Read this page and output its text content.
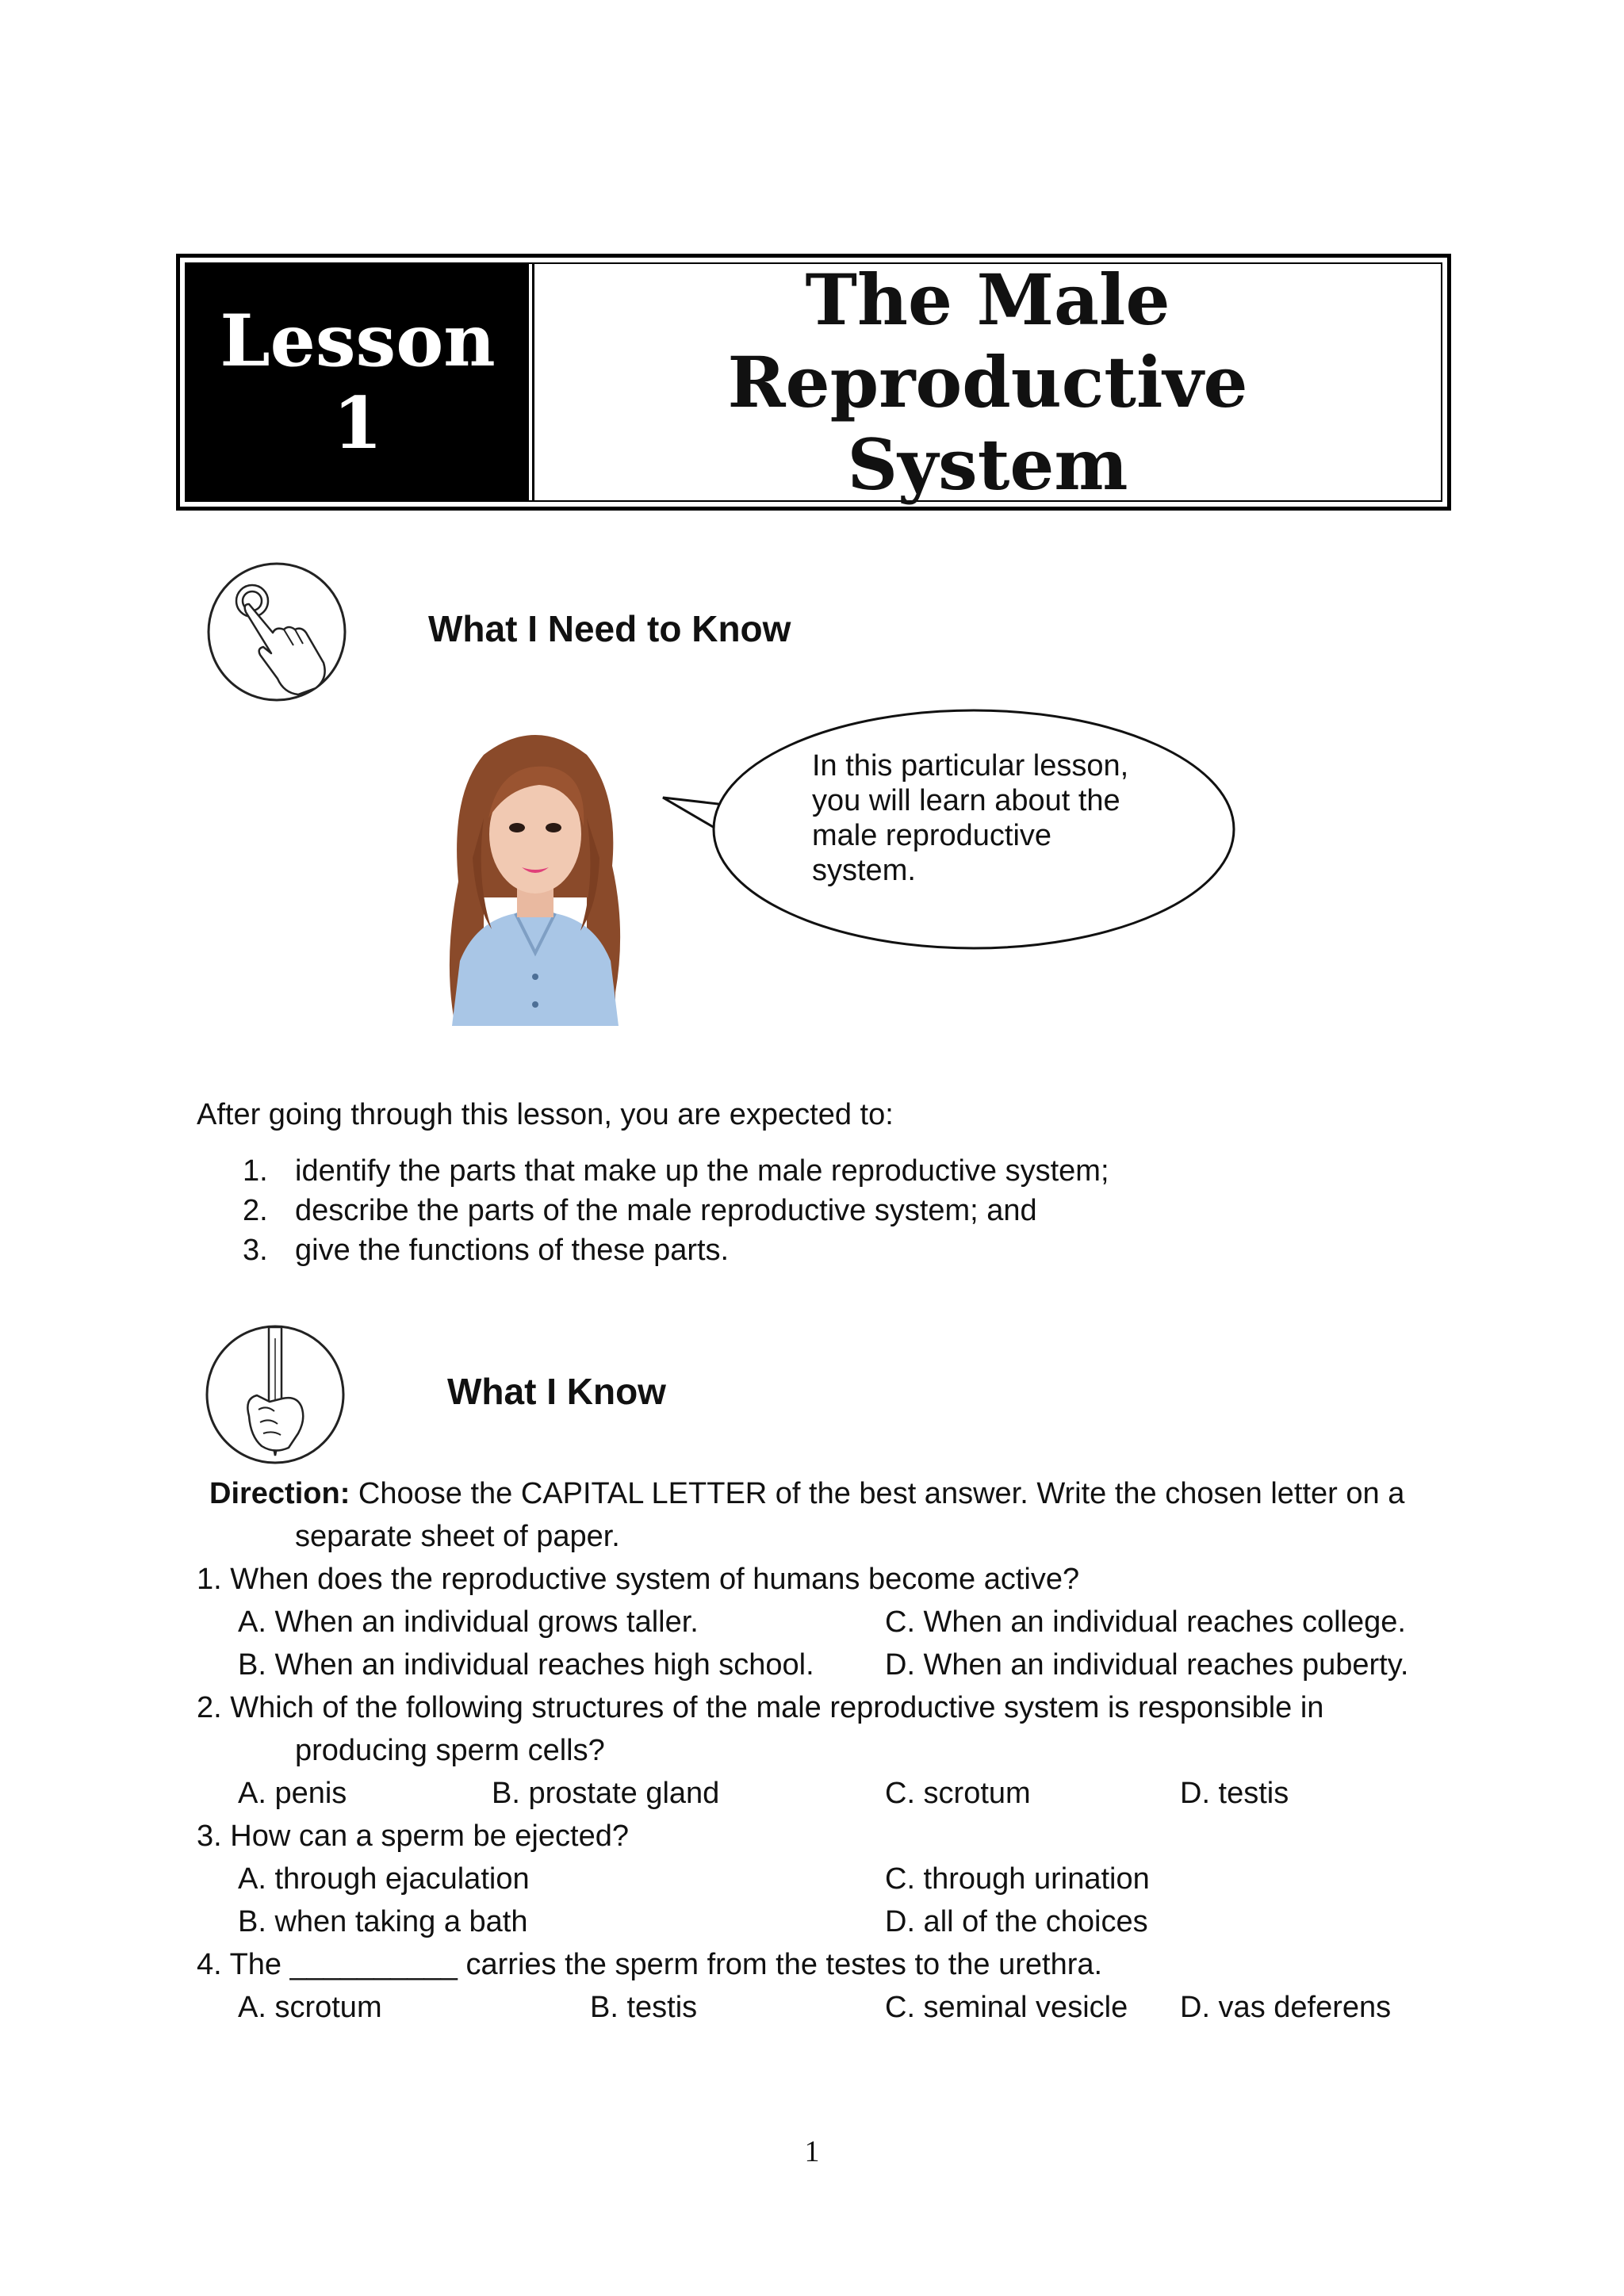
Lesson
1
The Male Reproductive
System
What I Need to Know
In this particular lesson,
you will learn about the
male reproductive
system.
After going through this lesson, you are expected to:
1. identify the parts that make up the male reproductive system;
2. describe the parts of the male reproductive system; and
3. give the functions of these parts.
What I Know
Direction: Choose the CAPITAL LETTER of the best answer. Write the chosen letter on a
separate sheet of paper.
1. When does the reproductive system of humans become active?
A. When an individual grows taller.	C. When an individual reaches college.
B. When an individual reaches high school. D. When an individual reaches puberty.
2. Which of the following structures of the male reproductive system is responsible in
producing sperm cells?
A. penis	B. prostate gland	C. scrotum	D. testis
3. How can a sperm be ejected?
A. through ejaculation	C. through urination
B. when taking a bath	D. all of the choices
4. The __________ carries the sperm from the testes to the urethra.
A. scrotum	B. testis	C. seminal vesicle D. vas deferens
1
